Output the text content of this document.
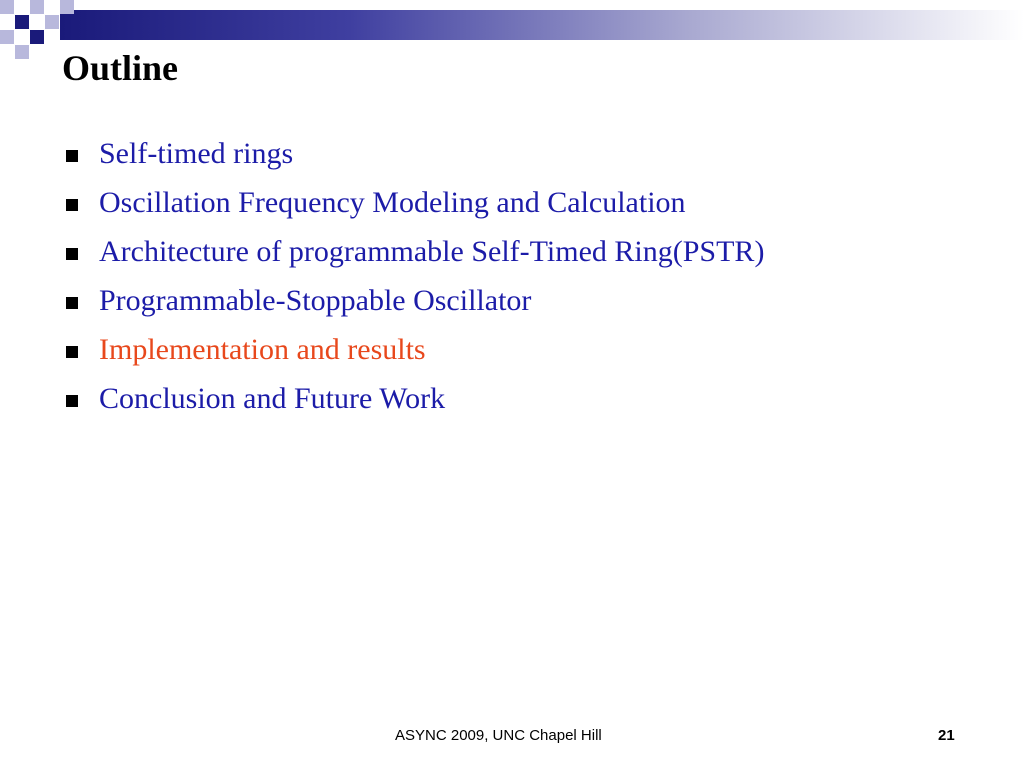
Outline
Self-timed rings
Oscillation Frequency Modeling and Calculation
Architecture of programmable Self-Timed Ring(PSTR)
Programmable-Stoppable Oscillator
Implementation and results
Conclusion and Future Work
ASYNC 2009, UNC Chapel Hill	21
